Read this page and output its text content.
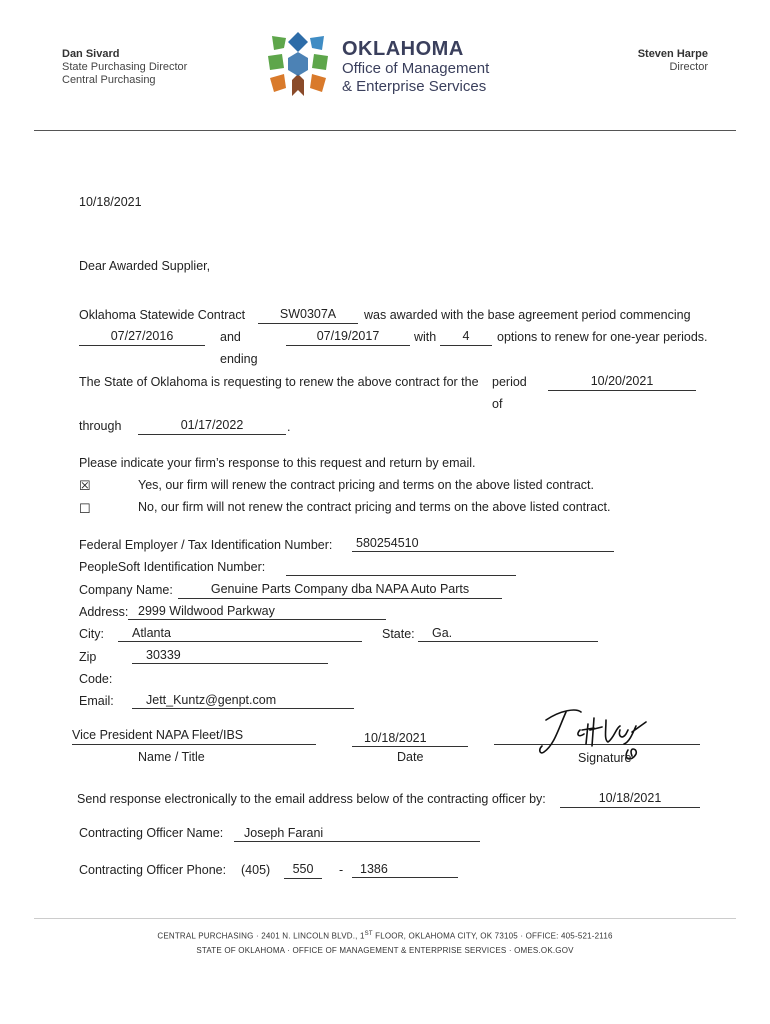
Dan Sivard
State Purchasing Director
Central Purchasing
OKLAHOMA
Office of Management
& Enterprise Services
Steven Harpe
Director
10/18/2021
Dear Awarded Supplier,
Oklahoma Statewide Contract	SW0307A	was awarded with the base agreement period commencing
07/27/2016	and	07/19/2017	with	4	options to renew for one-year periods.
ending
The State of Oklahoma is requesting to renew the above contract for the period
of
10/20/2021
through	01/17/2022	.
Please indicate your firm’s response to this request and return by email.
☒	Yes, our firm will renew the contract pricing and terms on the above listed contract.
☐	No, our firm will not renew the contract pricing and terms on the above listed contract.
Federal Employer / Tax Identification Number:	580254510
PeopleSoft Identification Number:
Company Name:	Genuine Parts Company dba NAPA Auto Parts
Address: 2999 Wildwood Parkway
City:	Atlanta	State:	Ga.
Zip
Code:
30339
Email:	Jett_Kuntz@genpt.com
Vice President NAPA Fleet/IBS
Name / Title
10/18/2021
Date	Signature
Send response electronically to the email address below of the contracting officer by:	10/18/2021
Contracting Officer Name:	Joseph Farani
Contracting Officer Phone: (405)	550	-	1386
CENTRAL PURCHASING · 2401 N. LINCOLN BLVD., 1ST FLOOR, OKLAHOMA CITY, OK 73105 · OFFICE: 405-521-2116
STATE OF OKLAHOMA · OFFICE OF MANAGEMENT & ENTERPRISE SERVICES · OMES.OK.GOV
